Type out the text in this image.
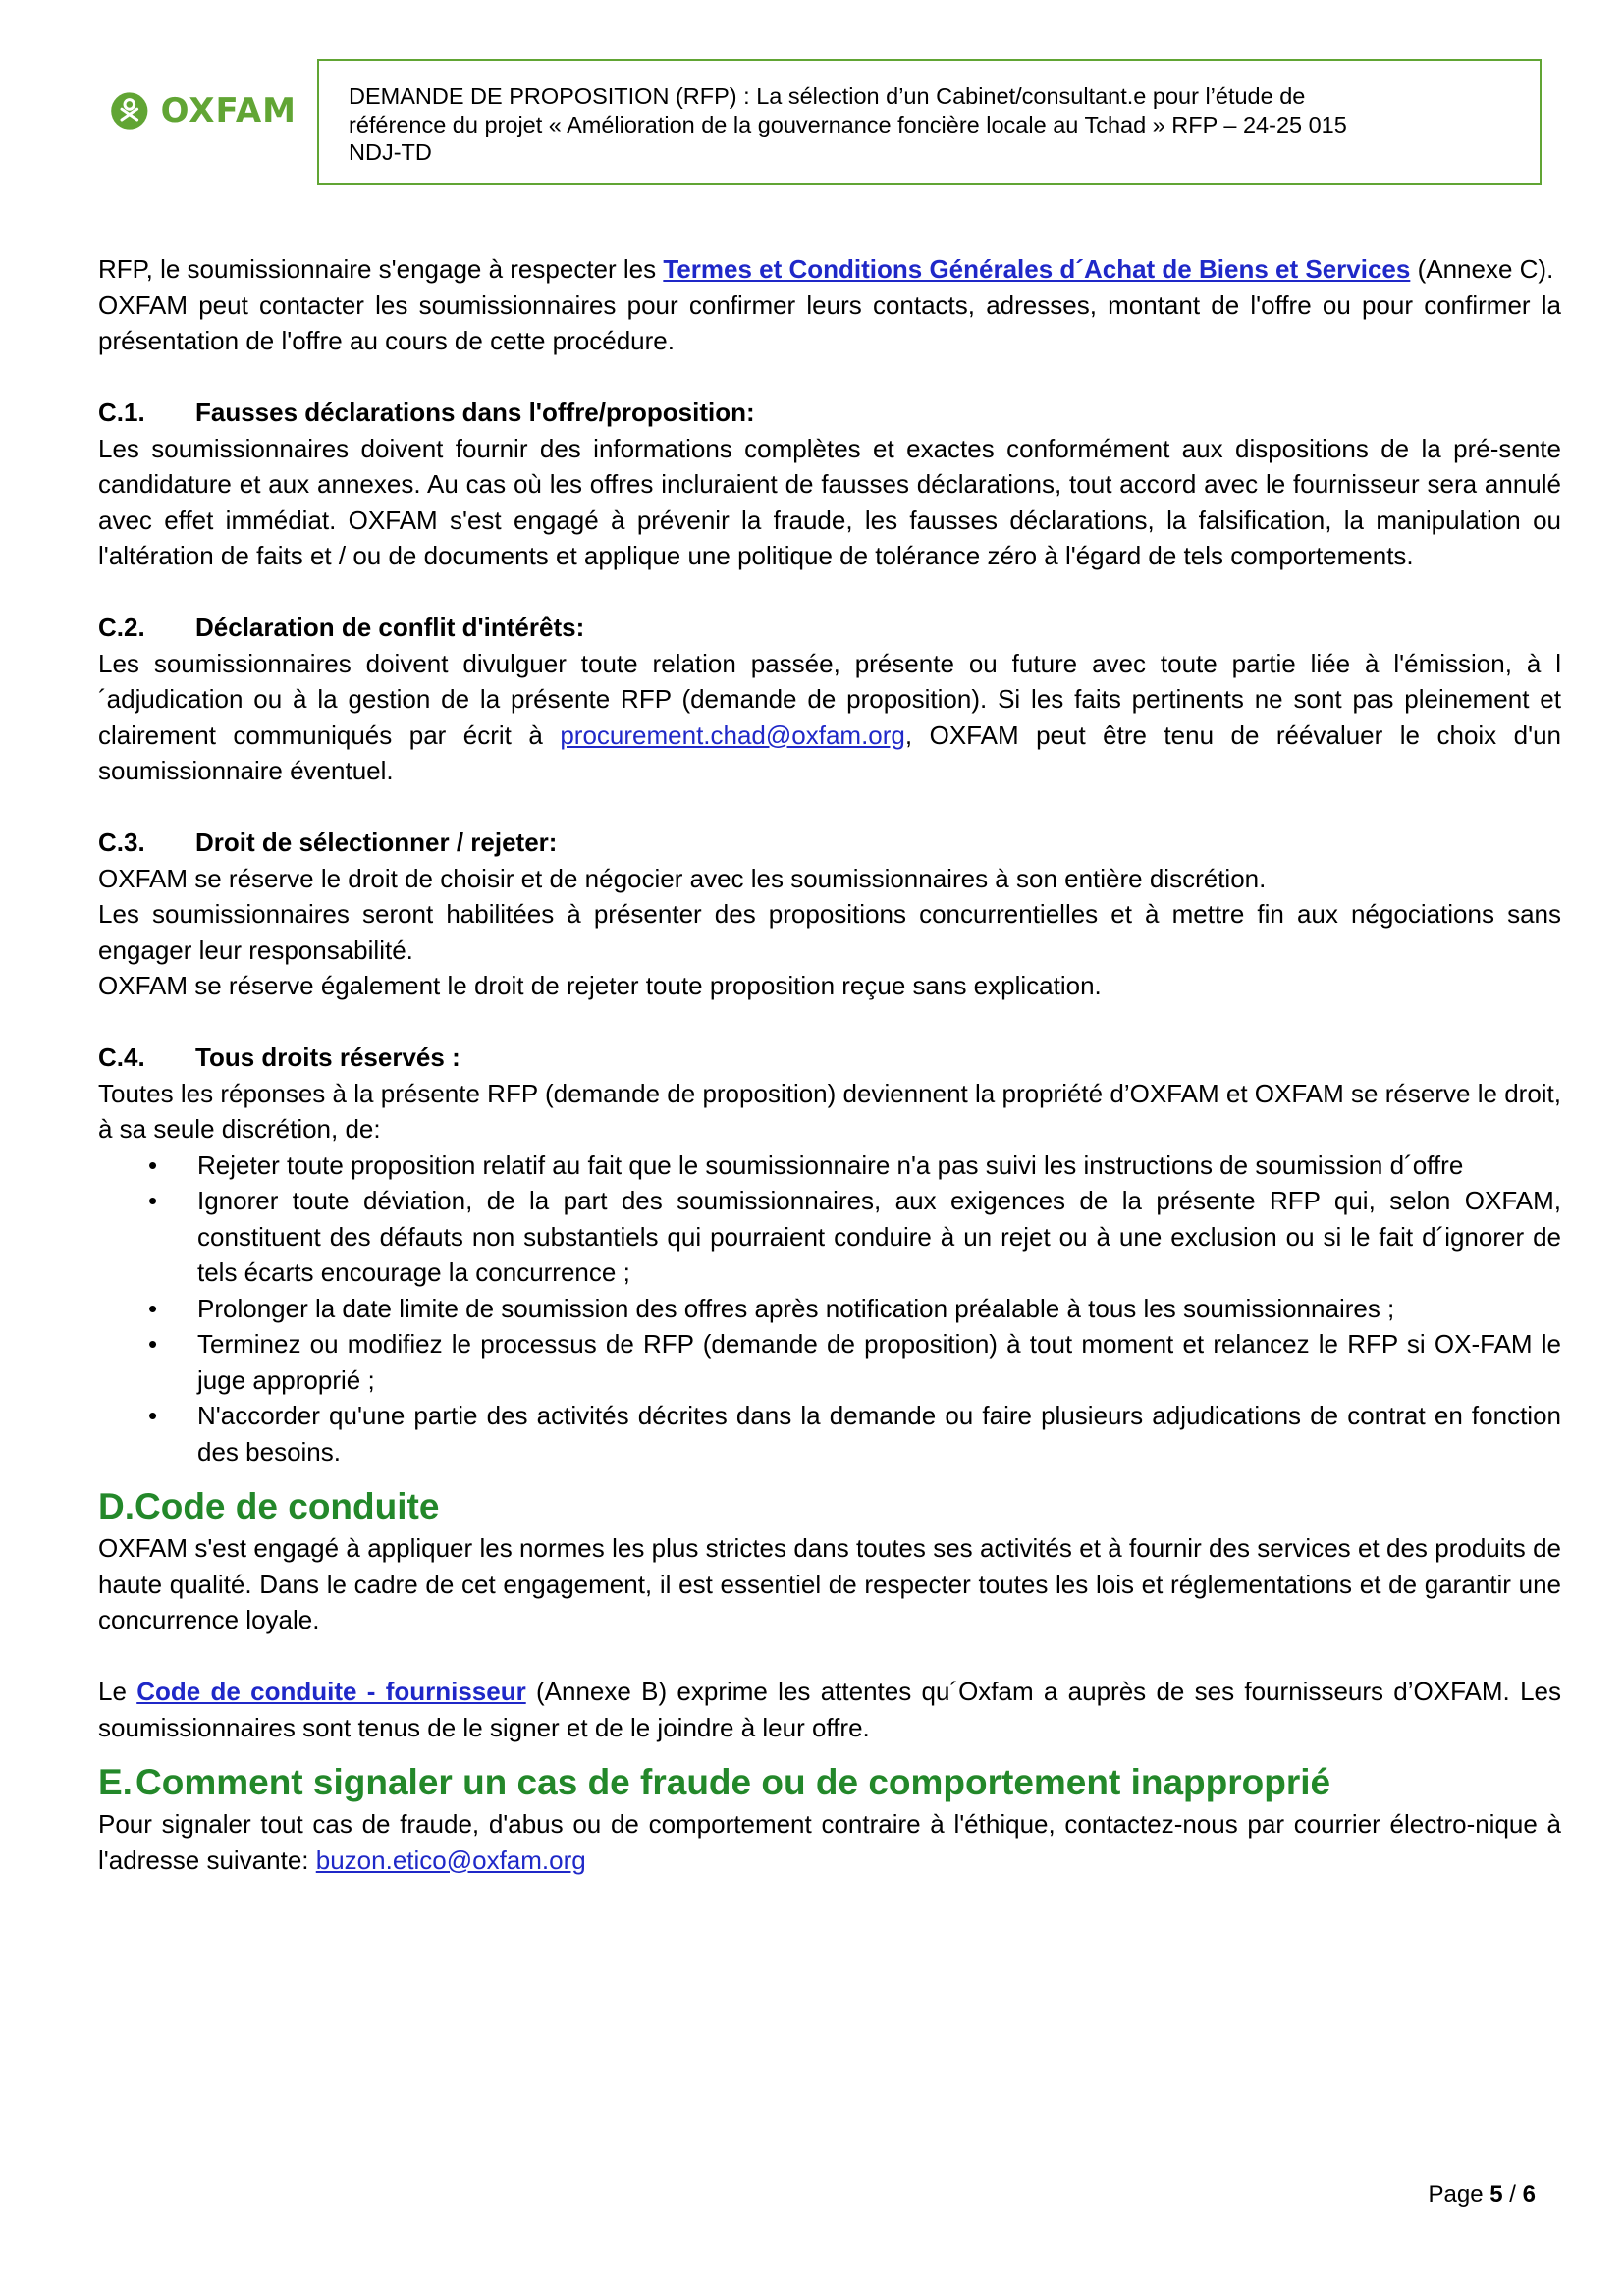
OXFAM DEMANDE DE PROPOSITION (RFP) : La sélection d’un Cabinet/consultant.e pour l’étude de
référence du projet « Amélioration de la gouvernance foncière locale au Tchad » RFP – 24-25 015
NDJ-TD

RFP, le soumissionnaire s'engage à respecter les Termes et Conditions Générales d´Achat de Biens et Services (Annexe C).

OXFAM peut contacter les soumissionnaires pour confirmer leurs contacts, adresses, montant de l'offre ou pour confirmer la présentation de l'offre au cours de cette procédure.

C.1.	Fausses déclarations dans l'offre/proposition:

Les soumissionnaires doivent fournir des informations complètes et exactes conformément aux dispositions de la pré-sente candidature et aux annexes. Au cas où les offres incluraient de fausses déclarations, tout accord avec le fournisseur sera annulé avec effet immédiat. OXFAM s'est engagé à prévenir la fraude, les fausses déclarations, la falsification, la manipulation ou l'altération de faits et / ou de documents et applique une politique de tolérance zéro à l'égard de tels comportements.

C.2.	Déclaration de conflit d'intérêts:

Les soumissionnaires doivent divulguer toute relation passée, présente ou future avec toute partie liée à l'émission, à l´adjudication ou à la gestion de la présente RFP (demande de proposition). Si les faits pertinents ne sont pas pleinement et clairement communiqués par écrit à procurement.chad@oxfam.org, OXFAM peut être tenu de réévaluer le choix d'un soumissionnaire éventuel.

C.3.	Droit de sélectionner / rejeter:

OXFAM se réserve le droit de choisir et de négocier avec les soumissionnaires à son entière discrétion.

Les soumissionnaires seront habilitées à présenter des propositions concurrentielles et à mettre fin aux négociations sans engager leur responsabilité.

OXFAM se réserve également le droit de rejeter toute proposition reçue sans explication.

C.4.	Tous droits réservés :

Toutes les réponses à la présente RFP (demande de proposition) deviennent la propriété d’OXFAM et OXFAM se réserve le droit, à sa seule discrétion, de:

• Rejeter toute proposition relatif au fait que le soumissionnaire n'a pas suivi les instructions de soumission d´offre
• Ignorer toute déviation, de la part des soumissionnaires, aux exigences de la présente RFP qui, selon OXFAM, constituent des défauts non substantiels qui pourraient conduire à un rejet ou à une exclusion ou si le fait d´ignorer de tels écarts encourage la concurrence ;
• Prolonger la date limite de soumission des offres après notification préalable à tous les soumissionnaires ;
• Terminez ou modifiez le processus de RFP (demande de proposition) à tout moment et relancez le RFP si OX-FAM le juge approprié ;
• N'accorder qu'une partie des activités décrites dans la demande ou faire plusieurs adjudications de contrat en fonction des besoins.
D. Code de conduite

OXFAM s'est engagé à appliquer les normes les plus strictes dans toutes ses activités et à fournir des services et des produits de haute qualité. Dans le cadre de cet engagement, il est essentiel de respecter toutes les lois et réglementations et de garantir une concurrence loyale.

Le Code de conduite - fournisseur (Annexe B) exprime les attentes qu´Oxfam a auprès de ses fournisseurs d’OXFAM. Les soumissionnaires sont tenus de le signer et de le joindre à leur offre.

E. Comment signaler un cas de fraude ou de comportement inapproprié

Pour signaler tout cas de fraude, d'abus ou de comportement contraire à l'éthique, contactez-nous par courrier électro-nique à l'adresse suivante: buzon.etico@oxfam.org

Page 5 / 6
